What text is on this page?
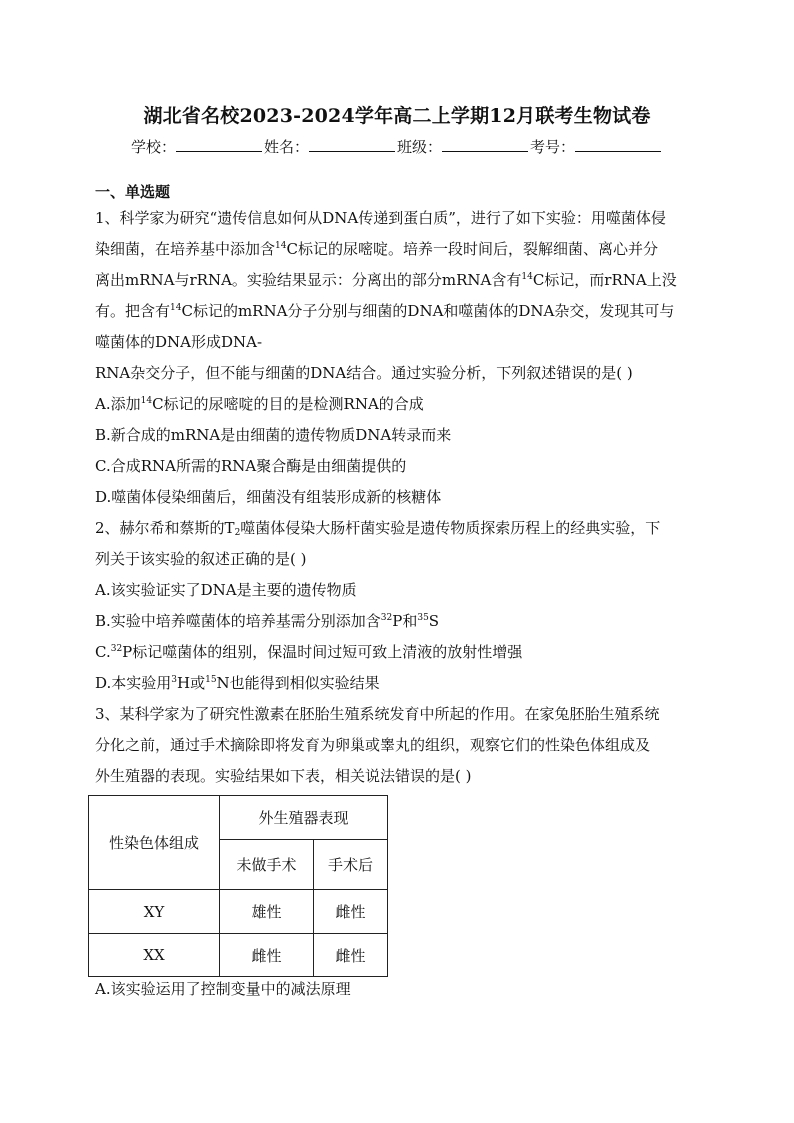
湖北省名校2023-2024学年高二上学期12月联考生物试卷
学校：	姓名：	班级：	考号：
一、单选题
1、科学家为研究“遗传信息如何从DNA传递到蛋白质”，进行了如下实验：用噬菌体侵
染细菌，在培养基中添加含$^{14}$C标记的尿嘧啶。培养一段时间后，裂解细菌、离心并分
离出mRNA与rRNA。实验结果显示：分离出的部分mRNA含有$^{14}$C标记，而rRNA上没
有。把含有$^{14}$C标记的mRNA分子分别与细菌的DNA和噬菌体的DNA杂交，发现其可与
噬菌体的DNA形成DNA-
RNA杂交分子，但不能与细菌的DNA结合。通过实验分析，下列叙述错误的是( )
A.添加$^{14}$C标记的尿嘧啶的目的是检测RNA的合成
B.新合成的mRNA是由细菌的遗传物质DNA转录而来
C.合成RNA所需的RNA聚合酶是由细菌提供的
D.噬菌体侵染细菌后，细菌没有组装形成新的核糖体
2、赫尔希和蔡斯的$T_2$噬菌体侵染大肠杆菌实验是遗传物质探索历程上的经典实验，下
列关于该实验的叙述正确的是( )
A.该实验证实了DNA是主要的遗传物质
B.实验中培养噬菌体的培养基需分别添加含$^{32}$P和$^{35}$S
C.$^{32}$P标记噬菌体的组别，保温时间过短可致上清液的放射性增强
D.本实验用$^3$H或$^{15}$N也能得到相似实验结果
3、某科学家为了研究性激素在胚胎生殖系统发育中所起的作用。在家兔胚胎生殖系统
分化之前，通过手术摘除即将发育为卵巢或睾丸的组织，观察它们的性染色体组成及
外生殖器的表现。实验结果如下表，相关说法错误的是( )
性染色体组成	外生殖器表现	
	未做手术	手术后
XY	雄性	雌性
XX	雌性	雌性
A.该实验运用了控制变量中的减法原理
